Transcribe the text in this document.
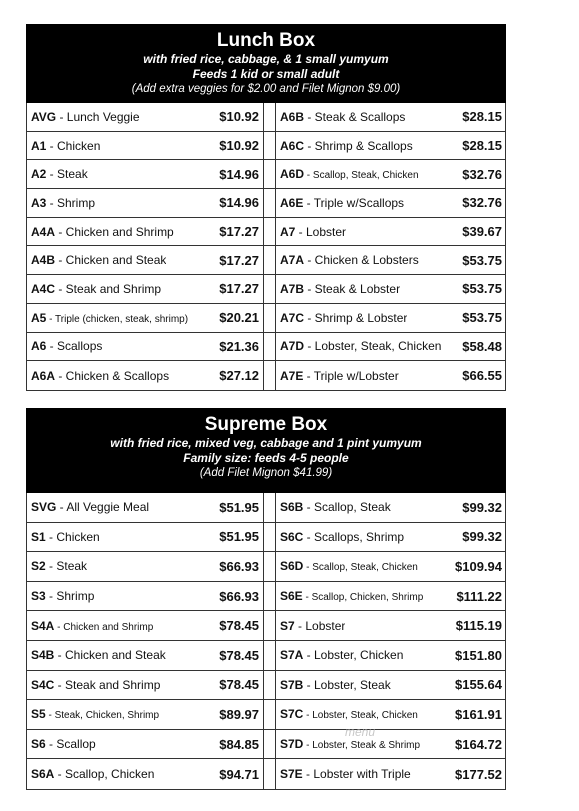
Lunch Box
with fried rice, cabbage, & 1 small yumyum
Feeds 1 kid or small adult
(Add extra veggies for $2.00 and Filet Mignon $9.00)
AVG - Lunch Veggie	$10.92
A1 - Chicken	$10.92
A2 - Steak	$14.96
A3 - Shrimp	$14.96
A4A - Chicken and Shrimp	$17.27
A4B - Chicken and Steak	$17.27
A4C - Steak and Shrimp	$17.27
A5 - Triple (chicken, steak, shrimp) $20.21
A6 - Scallops	$21.36
A6A - Chicken & Scallops	$27.12
A6B - Steak & Scallops	$28.15
A6C - Shrimp & Scallops	$28.15
A6D - Scallop, Steak, Chicken	$32.76
A6E - Triple w/Scallops	$32.76
A7 - Lobster	$39.67
A7A - Chicken & Lobsters	$53.75
A7B - Steak & Lobster	$53.75
A7C - Shrimp & Lobster	$53.75
A7D - Lobster, Steak, Chicken $58.48
A7E - Triple w/Lobster	$66.55
Supreme Box
with fried rice, mixed veg, cabbage and 1 pint yumyum
Family size: feeds 4-5 people
(Add Filet Mignon $41.99)
SVG - All Veggie Meal	$51.95
S1 - Chicken	$51.95
S2 - Steak	$66.93
S3 - Shrimp	$66.93
S4A - Chicken and Shrimp	$78.45
S4B - Chicken and Steak	$78.45
S4C - Steak and Shrimp	$78.45
S5 - Steak, Chicken, Shrimp	$89.97
S6 - Scallop	$84.85
S6A - Scallop, Chicken	$94.71
S6B - Scallop, Steak	$99.32
S6C - Scallops, Shrimp	$99.32
S6D - Scallop, Steak, Chicken	$109.94
S6E - Scallop, Chicken, Shrimp	$111.22
S7 - Lobster	$115.19
S7A - Lobster, Chicken	$151.80
S7B - Lobster, Steak	$155.64
S7C - Lobster, Steak, Chicken	$161.91
S7D - Lobster, Steak & Shrimp	$164.72
S7E - Lobster with Triple	$177.52
menu
